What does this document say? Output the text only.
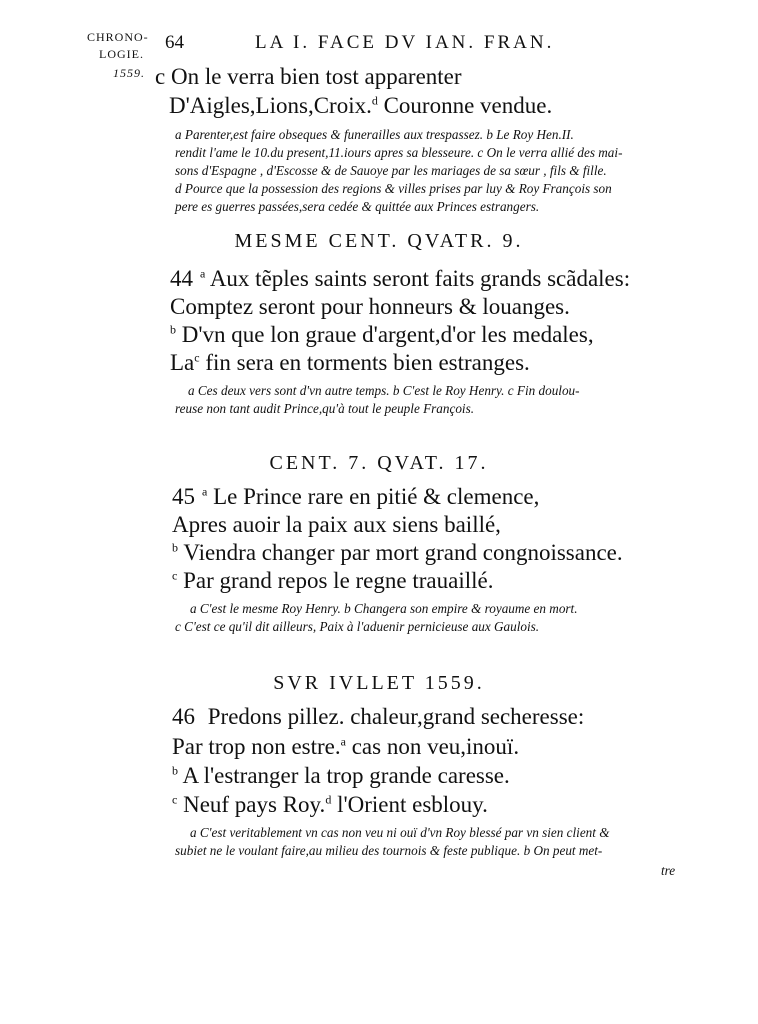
CHRONO-
LOGIE.
1559.
64	LA I. FACE DV IAN. FRAN.
c On le verra bien tost apparenter
D'Aigles,Lions,Croix.$^d$ Couronne vendue.
a Parenter,est faire obseques & funerailles aux trespassez. b Le Roy Hen.II.
rendit l'ame le 10.du present,11.iours apres sa blesseure. c On le verra allié des mai-
sons d'Espagne , d'Escosse & de Sauoye par les mariages de sa sœur , fils & fille.
d Pource que la possession des regions & villes prises par luy & Roy François son
pere es guerres passées,sera cedée & quittée aux Princes estrangers.
MESME CENT. QVATR. 9.
44 $^a$ Aux tẽples saints seront faits grands scãdales:
Comptez seront pour honneurs & louanges.
$^b$ D'vn que lon graue d'argent,d'or les medales,
La$^c$ fin sera en torments bien estranges.
a Ces deux vers sont d'vn autre temps. b C'est le Roy Henry. c Fin doulou-
reuse non tant audit Prince,qu'à tout le peuple François.
CENT. 7. QVAT. 17.
45 $^a$ Le Prince rare en pitié & clemence,
Apres auoir la paix aux siens baillé,
$^b$ Viendra changer par mort grand congnoissance.
$^c$ Par grand repos le regne trauaillé.
a C'est le mesme Roy Henry. b Changera son empire & royaume en mort.
c C'est ce qu'il dit ailleurs, Paix à l'aduenir pernicieuse aux Gaulois.
SVR IVLLET 1559.
46 Predons pillez. chaleur,grand secheresse:
Par trop non estre.$^a$ cas non veu,inouï.
$^b$ A l'estranger la trop grande caresse.
$^c$ Neuf pays Roy.$^d$ l'Orient esblouy.
a C'est veritablement vn cas non veu ni ouï d'vn Roy blessé par vn sien client &
subiet ne le voulant faire,au milieu des tournois & feste publique. b On peut met-
tre
